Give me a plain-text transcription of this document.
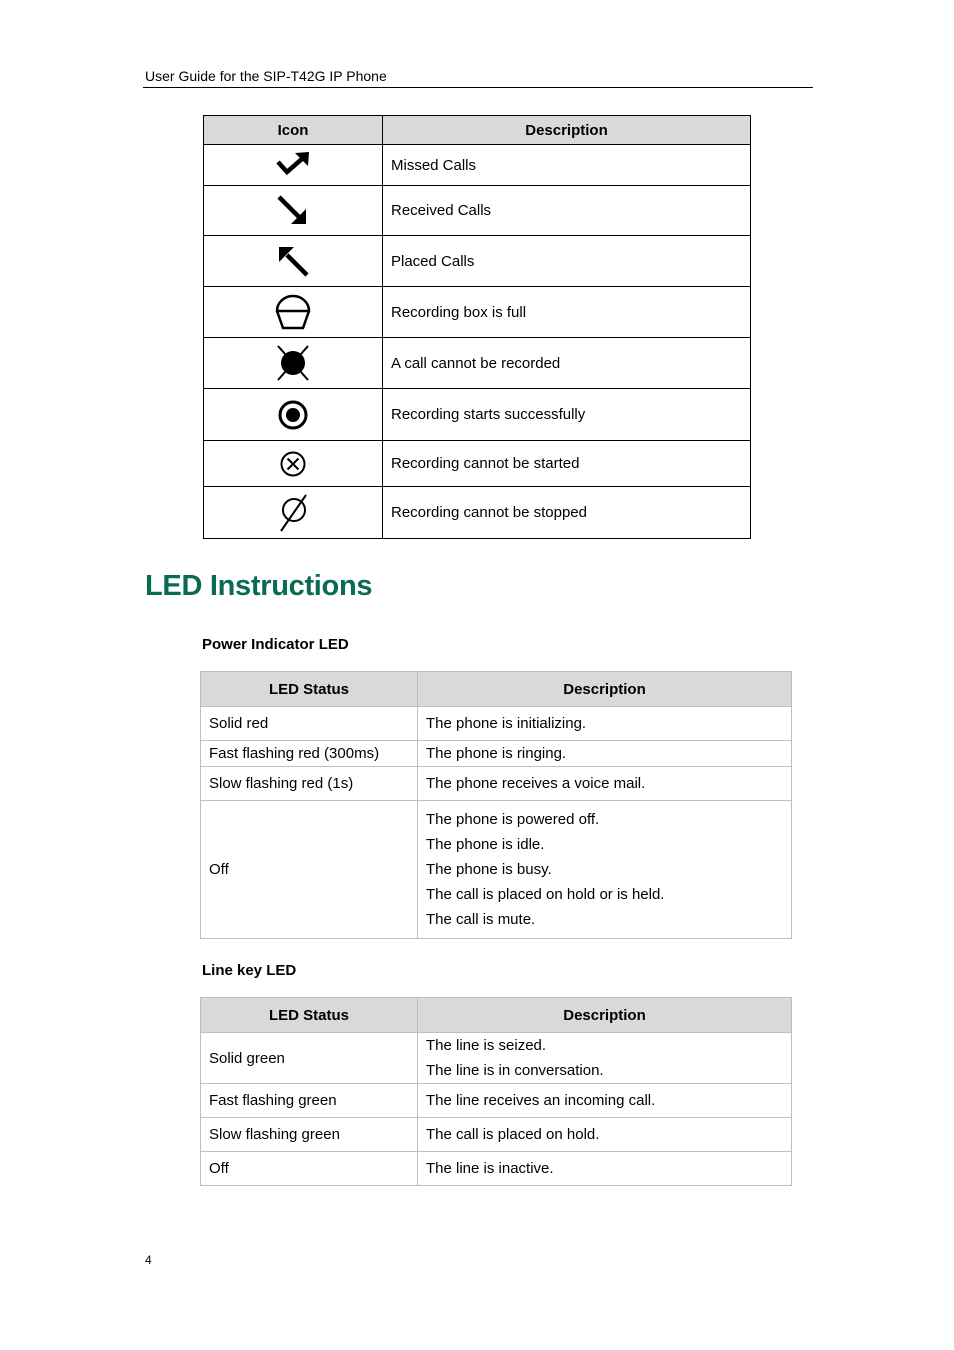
User Guide for the SIP-T42G IP Phone
Icon	Description

	Missed Calls

	Received Calls

	Placed Calls

	Recording box is full

	A call cannot be recorded

	Recording starts successfully

	Recording cannot be started

	Recording cannot be stopped
LED Instructions
Power Indicator LED
LED Status	Description
Solid red	The phone is initializing.

Fast flashing red (300ms)	The phone is ringing.

Slow flashing red (1s)	The phone receives a voice mail.

Off	The phone is powered off.
The phone is idle.
The phone is busy.
The call is placed on hold or is held.
The call is mute.
Line key LED
LED Status	Description
Solid green	The line is seized.
The line is in conversation.

Fast flashing green	The line receives an incoming call.

Slow flashing green	The call is placed on hold.

Off	The line is inactive.
4
